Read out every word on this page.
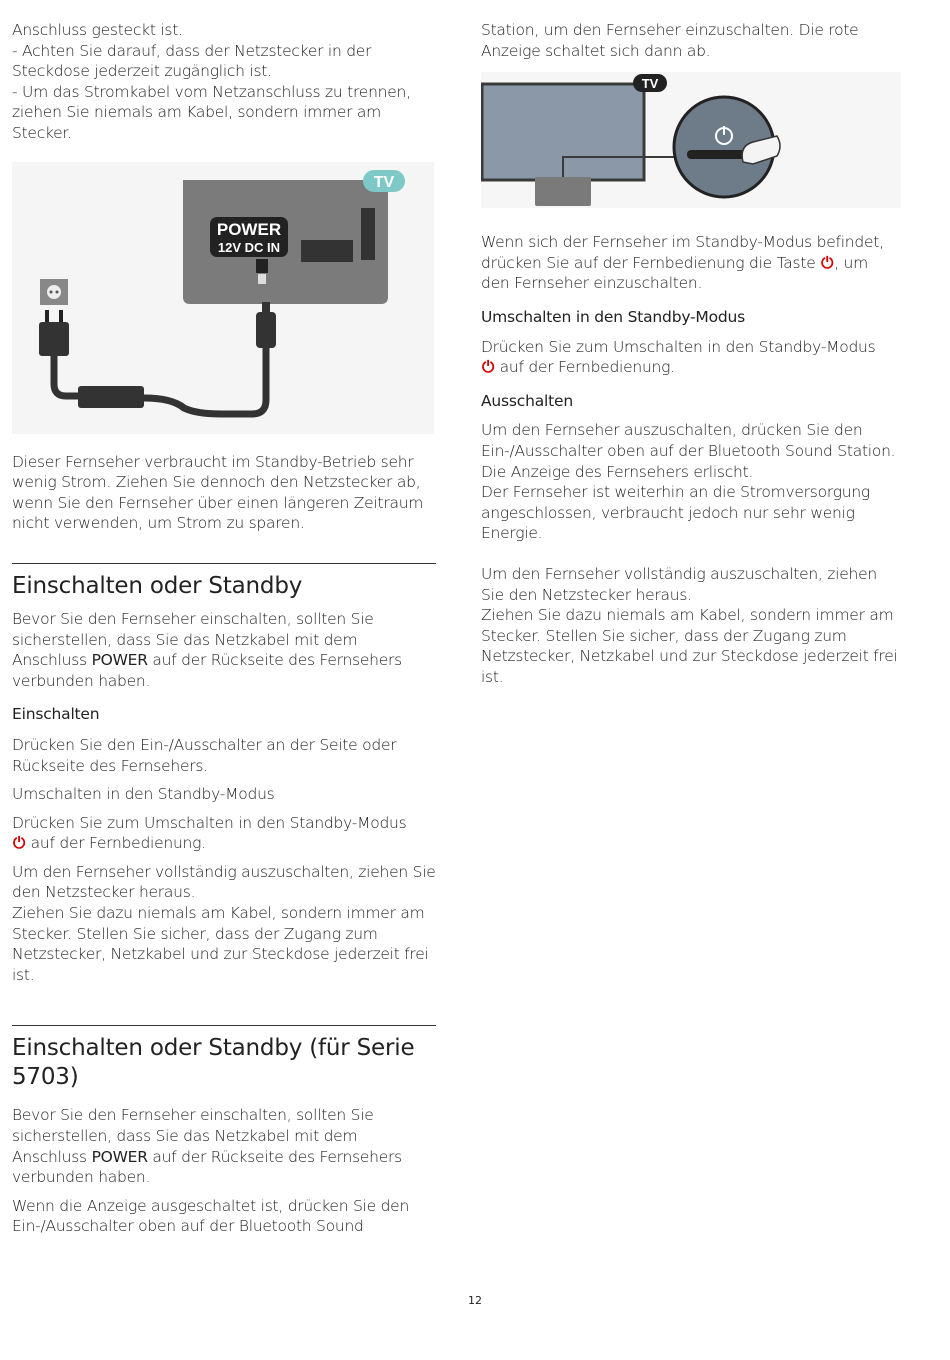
Anschluss gesteckt ist.

- Achten Sie darauf, dass der Netzstecker in der Steckdose jederzeit zugänglich ist.

- Um das Stromkabel vom Netzanschluss zu trennen, ziehen Sie niemals am Kabel, sondern immer am Stecker.

POWER
12V DC IN
TV

Dieser Fernseher verbraucht im Standby-Betrieb sehr wenig Strom. Ziehen Sie dennoch den Netzstecker ab, wenn Sie den Fernseher über einen längeren Zeitraum nicht verwenden, um Strom zu sparen.

Einschalten oder Standby

Bevor Sie den Fernseher einschalten, sollten Sie sicherstellen, dass Sie das Netzkabel mit dem Anschluss POWER auf der Rückseite des Fernsehers verbunden haben.

Einschalten

Drücken Sie den Ein-/Ausschalter an der Seite oder Rückseite des Fernsehers.

Umschalten in den Standby-Modus

Drücken Sie zum Umschalten in den Standby-Modus
⏻ auf der Fernbedienung.

Um den Fernseher vollständig auszuschalten, ziehen Sie den Netzstecker heraus.

Ziehen Sie dazu niemals am Kabel, sondern immer am Stecker. Stellen Sie sicher, dass der Zugang zum Netzstecker, Netzkabel und zur Steckdose jederzeit frei ist.

Einschalten oder Standby (für Serie 5703)

Bevor Sie den Fernseher einschalten, sollten Sie sicherstellen, dass Sie das Netzkabel mit dem Anschluss POWER auf der Rückseite des Fernsehers verbunden haben.

Wenn die Anzeige ausgeschaltet ist, drücken Sie den Ein-/Ausschalter oben auf der Bluetooth Sound

Station, um den Fernseher einzuschalten. Die rote Anzeige schaltet sich dann ab.

TV

Wenn sich der Fernseher im Standby-Modus befindet, drücken Sie auf der Fernbedienung die Taste ⏻, um den Fernseher einzuschalten.

Umschalten in den Standby-Modus

Drücken Sie zum Umschalten in den Standby-Modus
⏻ auf der Fernbedienung.

Ausschalten

Um den Fernseher auszuschalten, drücken Sie den Ein-/Ausschalter oben auf der Bluetooth Sound Station. Die Anzeige des Fernsehers erlischt.

Der Fernseher ist weiterhin an die Stromversorgung angeschlossen, verbraucht jedoch nur sehr wenig Energie.

Um den Fernseher vollständig auszuschalten, ziehen Sie den Netzstecker heraus.

Ziehen Sie dazu niemals am Kabel, sondern immer am Stecker. Stellen Sie sicher, dass der Zugang zum Netzstecker, Netzkabel und zur Steckdose jederzeit frei ist.

12
